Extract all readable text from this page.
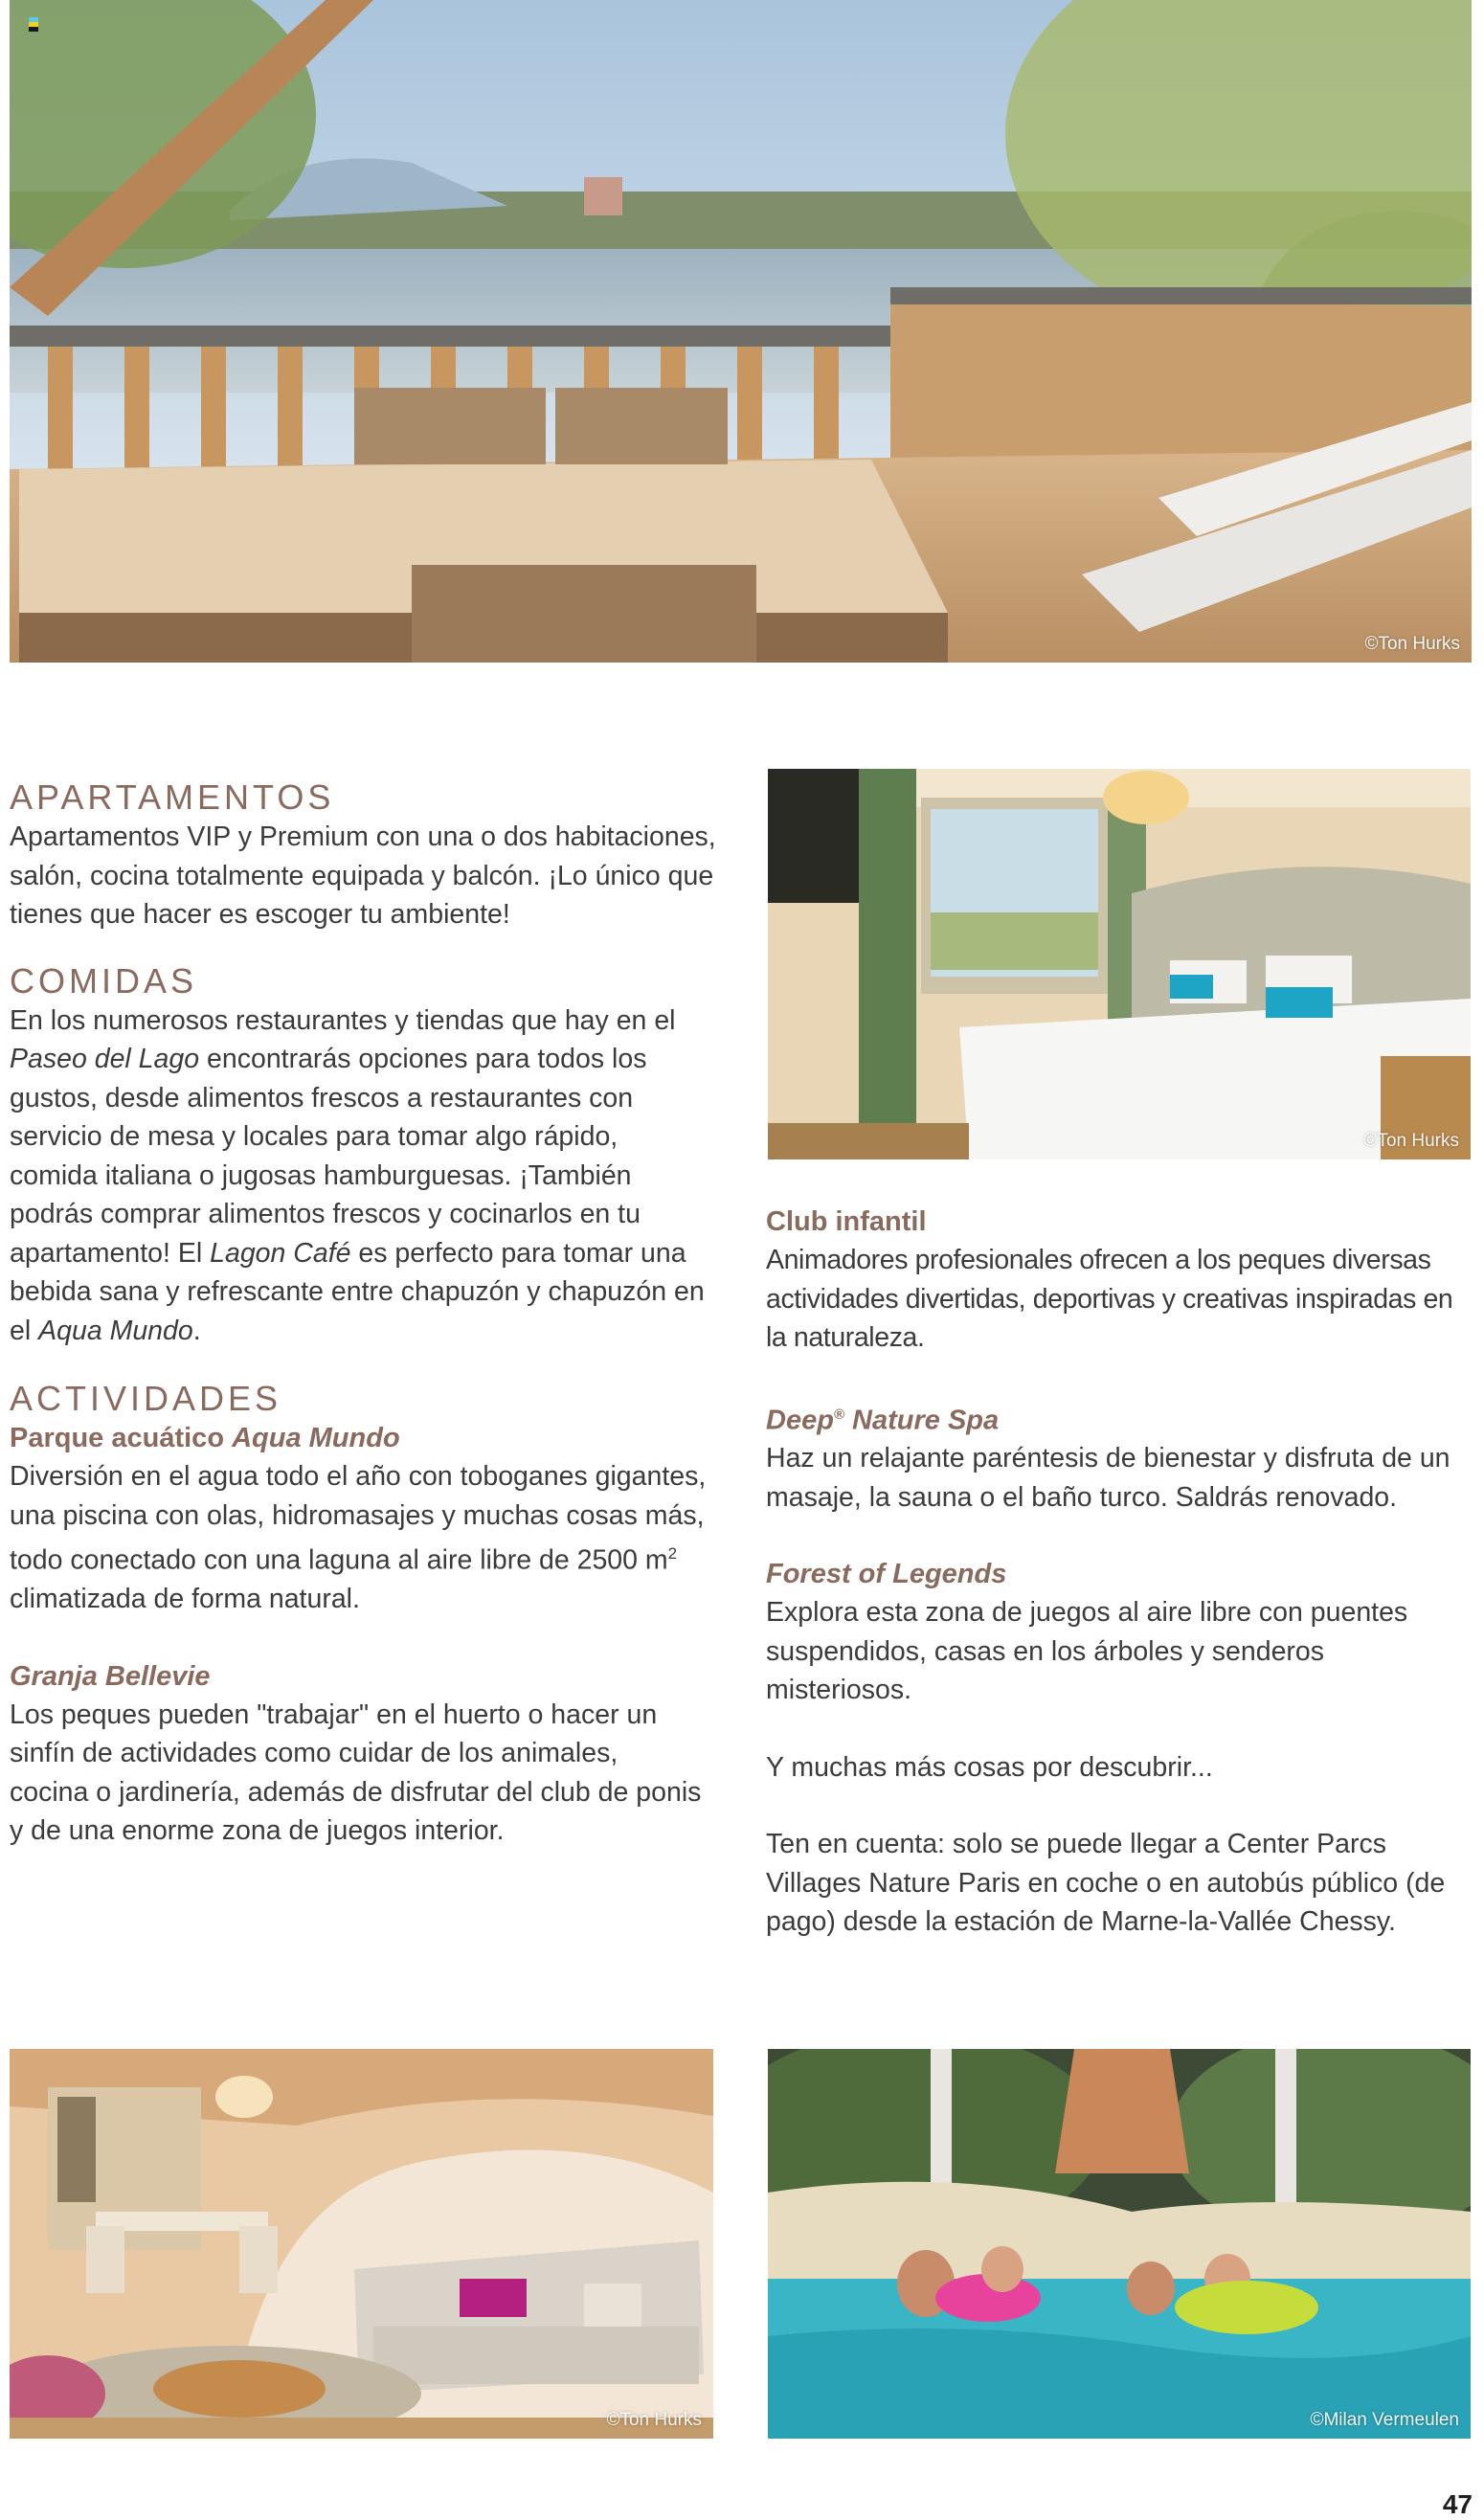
©Ton Hurks
APARTAMENTOS

Apartamentos VIP y Premium con una o dos habitaciones, salón, cocina totalmente equipada y balcón. ¡Lo único que tienes que hacer es escoger tu ambiente!

COMIDAS

En los numerosos restaurantes y tiendas que hay en el Paseo del Lago encontrarás opciones para todos los gustos, desde alimentos frescos a restaurantes con servicio de mesa y locales para tomar algo rápido, comida italiana o jugosas hamburguesas. ¡También podrás comprar alimentos frescos y cocinarlos en tu apartamento! El Lagon Café es perfecto para tomar una bebida sana y refrescante entre chapuzón y chapuzón en el Aqua Mundo.

ACTIVIDADES
Parque acuático Aqua Mundo

Diversión en el agua todo el año con toboganes gigantes, una piscina con olas, hidromasajes y muchas cosas más, todo conectado con una laguna al aire libre de 2500 $m^2$ climatizada de forma natural.

Granja Bellevie

Los peques pueden "trabajar" en el huerto o hacer un sinfín de actividades como cuidar de los animales, cocina o jardinería, además de disfrutar del club de ponis y de una enorme zona de juegos interior.

©Ton Hurks
Club infantil

Animadores profesionales ofrecen a los peques diversas actividades divertidas, deportivas y creativas inspiradas en la naturaleza.

Deep® Nature Spa

Haz un relajante paréntesis de bienestar y disfruta de un masaje, la sauna o el baño turco. Saldrás renovado.

Forest of Legends

Explora esta zona de juegos al aire libre con puentes suspendidos, casas en los árboles y senderos misteriosos.

Y muchas más cosas por descubrir...

Ten en cuenta: solo se puede llegar a Center Parcs Villages Nature Paris en coche o en autobús público (de pago) desde la estación de Marne-la-Vallée Chessy.

©Ton Hurks	©Milan Vermeulen
47
